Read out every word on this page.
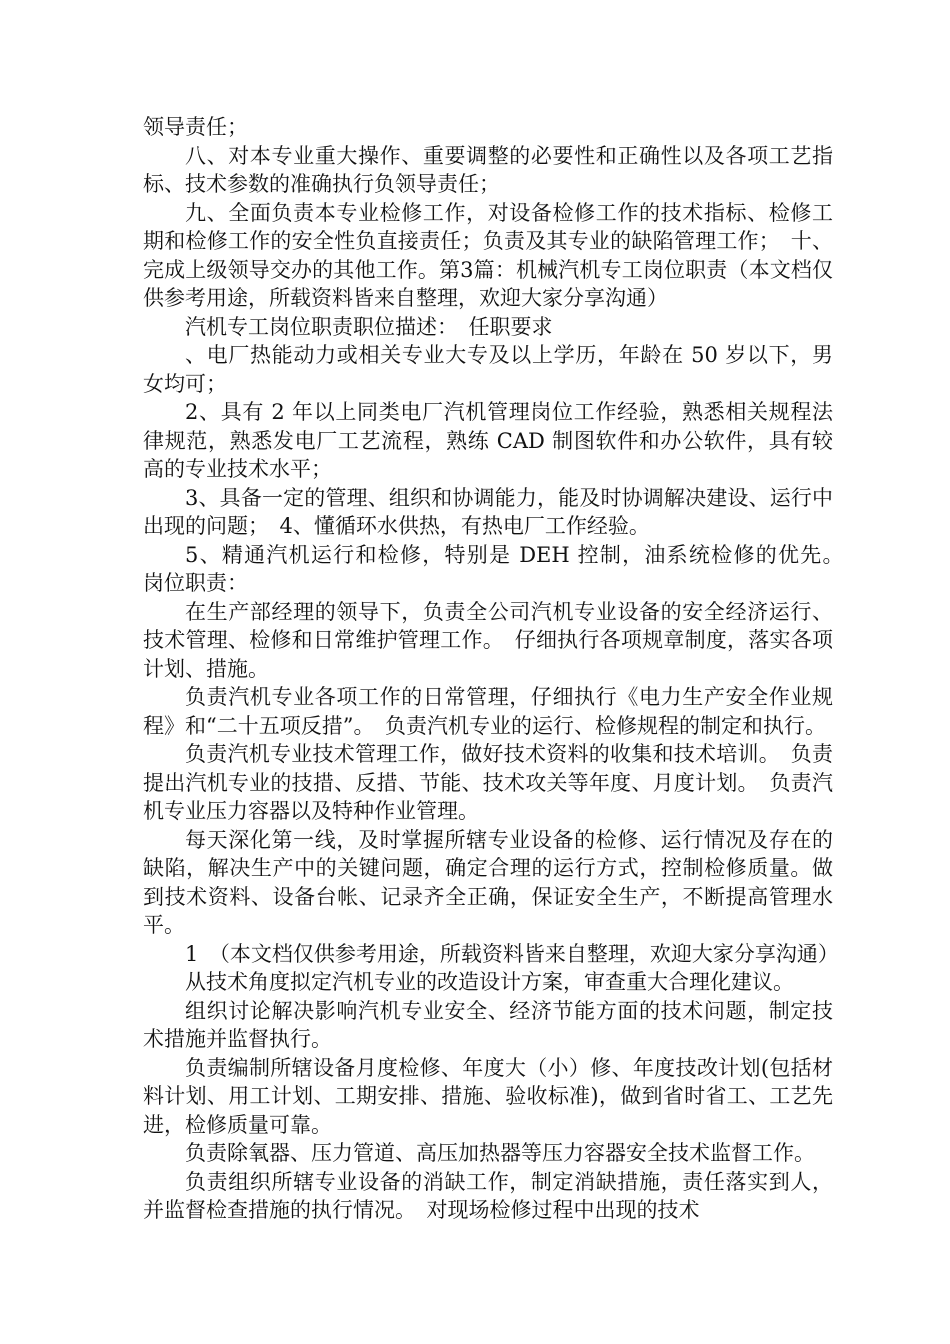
领导责任；

八、对本专业重大操作、重要调整的必要性和正确性以及各项工艺指标、技术参数的准确执行负领导责任；

九、全面负责本专业检修工作，对设备检修工作的技术指标、检修工期和检修工作的安全性负直接责任；负责及其专业的缺陷管理工作；　十、完成上级领导交办的其他工作。第3篇：机械汽机专工岗位职责（本文档仅供参考用途，所载资料皆来自整理，欢迎大家分享沟通）

汽机专工岗位职责职位描述：　任职要求

、电厂热能动力或相关专业大专及以上学历，年龄在 50 岁以下，男女均可；

2、具有 2 年以上同类电厂汽机管理岗位工作经验，熟悉相关规程法律规范，熟悉发电厂工艺流程，熟练 CAD 制图软件和办公软件，具有较高的专业技术水平；

3、具备一定的管理、组织和协调能力，能及时协调解决建设、运行中出现的问题；　4、懂循环水供热，有热电厂工作经验。

5、精通汽机运行和检修，特别是 DEH 控制，油系统检修的优先。　岗位职责：

在生产部经理的领导下，负责全公司汽机专业设备的安全经济运行、技术管理、检修和日常维护管理工作。　仔细执行各项规章制度，落实各项计划、措施。

负责汽机专业各项工作的日常管理，仔细执行《电力生产安全作业规程》和“二十五项反措”。　负责汽机专业的运行、检修规程的制定和执行。

负责汽机专业技术管理工作，做好技术资料的收集和技术培训。　负责提出汽机专业的技措、反措、节能、技术攻关等年度、月度计划。　负责汽机专业压力容器以及特种作业管理。

每天深化第一线，及时掌握所辖专业设备的检修、运行情况及存在的缺陷，解决生产中的关键问题，确定合理的运行方式，控制检修质量。做到技术资料、设备台帐、记录齐全正确，保证安全生产，不断提高管理水平。

1　（本文档仅供参考用途，所载资料皆来自整理，欢迎大家分享沟通）

从技术角度拟定汽机专业的改造设计方案，审查重大合理化建议。

组织讨论解决影响汽机专业安全、经济节能方面的技术问题，制定技术措施并监督执行。

负责编制所辖设备月度检修、年度大（小）修、年度技改计划(包括材料计划、用工计划、工期安排、措施、验收标准)，做到省时省工、工艺先进，检修质量可靠。

负责除氧器、压力管道、高压加热器等压力容器安全技术监督工作。

负责组织所辖专业设备的消缺工作，制定消缺措施，责任落实到人，并监督检查措施的执行情况。　对现场检修过程中出现的技术
